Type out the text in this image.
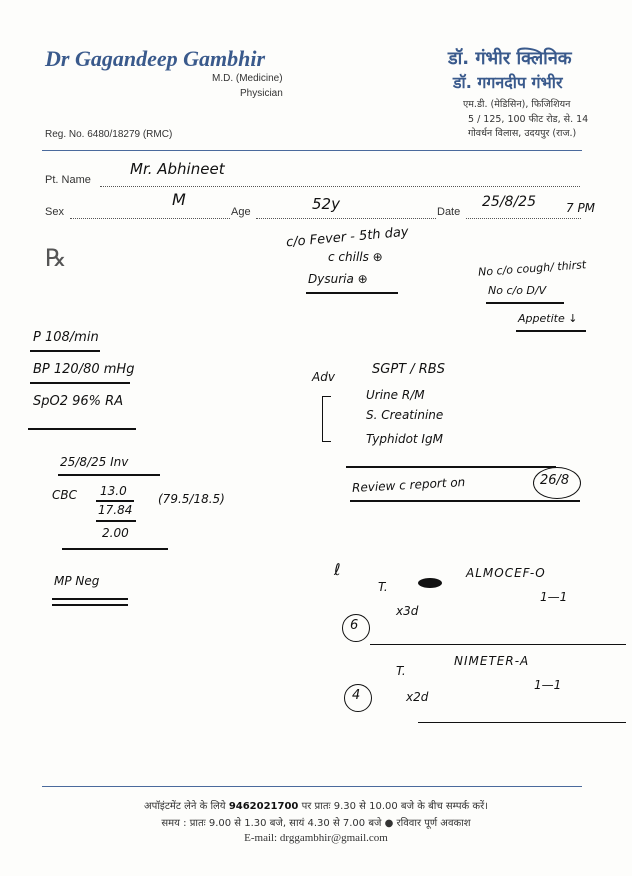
Dr Gagandeep Gambhir
M.D. (Medicine)
Physician
Reg. No. 6480/18279 (RMC)
डॉ. गंभीर क्लिनिक
डॉ. गगनदीप गंभीर
एम.डी. (मेडिसिन), फिजिशियन
5 / 125, 100 फीट रोड, से. 14
गोवर्धन विलास, उदयपुर (राज.)
Pt. Name
Mr. Abhineet
Sex
M
Age	52y	Date
25/8/25	7 PM
℞
c/o Fever - 5th day
c chills ⊕
Dysuria ⊕
No c/o cough/ thirst
No c/o D/V
Appetite ↓
P 108/min
BP 120/80 mHg
SpO2 96% RA
25/8/25 Inv
CBC 13.0
17.84
2.00
(79.5/18.5)
MP Neg
Adv	SGPT / RBS
Urine R/M
S. Creatinine
Typhidot IgM
Review c report on	26/8
ℓ
T.
ALMOCEF-O
1—1
x3d
6
T.
NIMETER-A
1—1
x2d
4
अपॉइंटमेंट लेने के लिये 9462021700 पर प्रातः 9.30 से 10.00 बजे के बीच सम्पर्क करें।
समय : प्रातः 9.00 से 1.30 बजे, सायं 4.30 से 7.00 बजे ● रविवार पूर्ण अवकाश
E-mail: drggambhir@gmail.com
